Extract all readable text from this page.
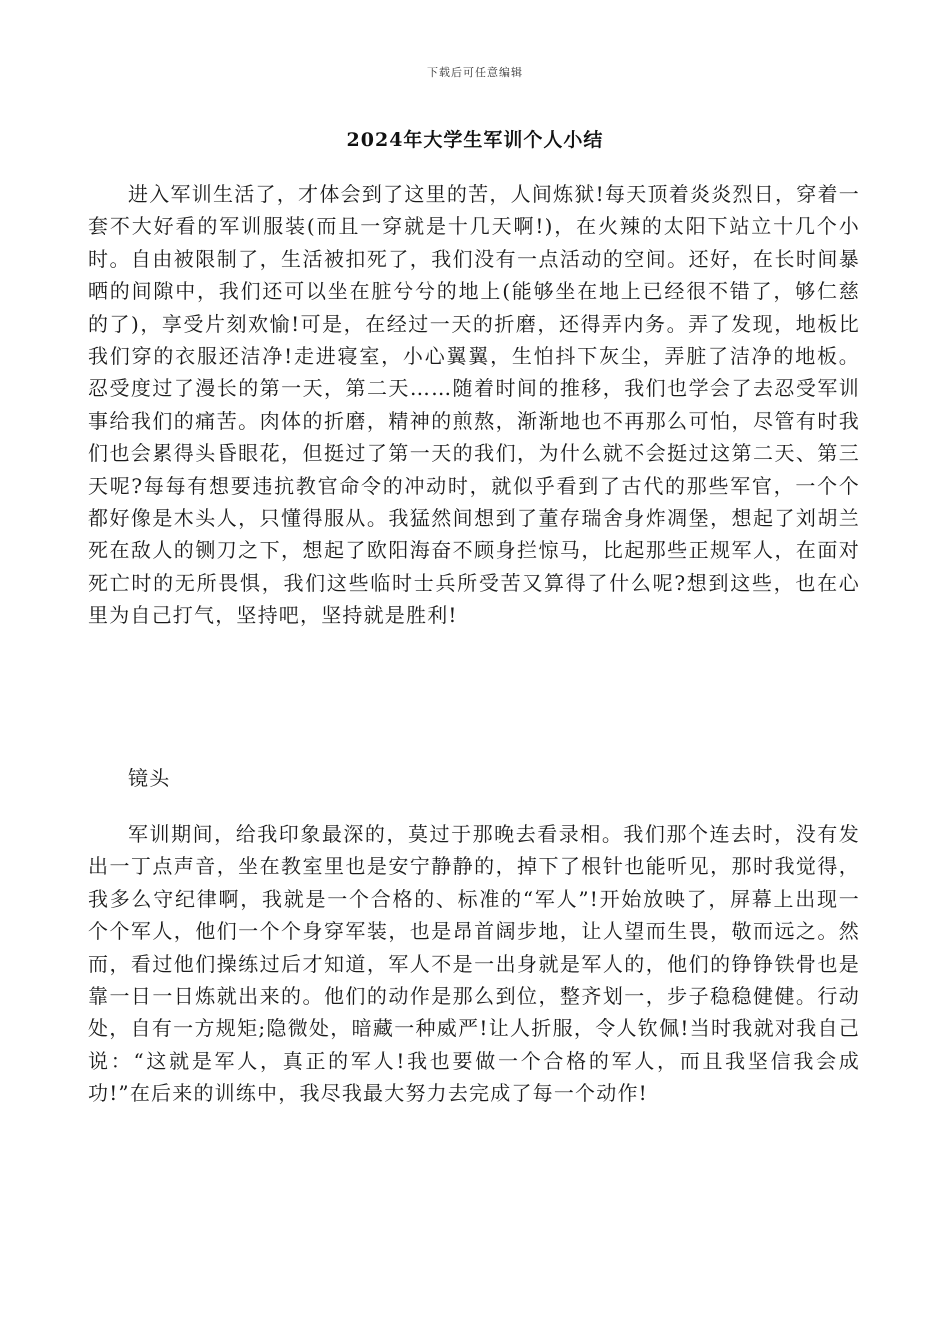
下载后可任意编辑
2024年大学生军训个人小结

进入军训生活了，才体会到了这里的苦，人间炼狱!每天顶着炎炎烈日，穿着一套不大好看的军训服装(而且一穿就是十几天啊!)，在火辣的太阳下站立十几个小时。自由被限制了，生活被扣死了，我们没有一点活动的空间。还好，在长时间暴晒的间隙中，我们还可以坐在脏兮兮的地上(能够坐在地上已经很不错了，够仁慈的了)，享受片刻欢愉!可是，在经过一天的折磨，还得弄内务。弄了发现，地板比我们穿的衣服还洁净!走进寝室，小心翼翼，生怕抖下灰尘，弄脏了洁净的地板。忍受度过了漫长的第一天，第二天……随着时间的推移，我们也学会了去忍受军训事给我们的痛苦。肉体的折磨，精神的煎熬，渐渐地也不再那么可怕，尽管有时我们也会累得头昏眼花，但挺过了第一天的我们，为什么就不会挺过这第二天、第三天呢?每每有想要违抗教官命令的冲动时，就似乎看到了古代的那些军官，一个个都好像是木头人，只懂得服从。我猛然间想到了董存瑞舍身炸凋堡，想起了刘胡兰死在敌人的铡刀之下，想起了欧阳海奋不顾身拦惊马，比起那些正规军人，在面对死亡时的无所畏惧，我们这些临时士兵所受苦又算得了什么呢?想到这些，也在心里为自己打气，坚持吧，坚持就是胜利!

镜头

军训期间，给我印象最深的，莫过于那晚去看录相。我们那个连去时，没有发出一丁点声音，坐在教室里也是安宁静静的，掉下了根针也能听见，那时我觉得，我多么守纪律啊，我就是一个合格的、标准的“军人”!开始放映了，屏幕上出现一个个军人，他们一个个身穿军装，也是昂首阔步地，让人望而生畏，敬而远之。然而，看过他们操练过后才知道，军人不是一出身就是军人的，他们的铮铮铁骨也是靠一日一日炼就出来的。他们的动作是那么到位，整齐划一，步子稳稳健健。行动处，自有一方规矩;隐微处，暗藏一种威严!让人折服，令人钦佩!当时我就对我自己说：“这就是军人，真正的军人!我也要做一个合格的军人，而且我坚信我会成功!”在后来的训练中，我尽我最大努力去完成了每一个动作!
